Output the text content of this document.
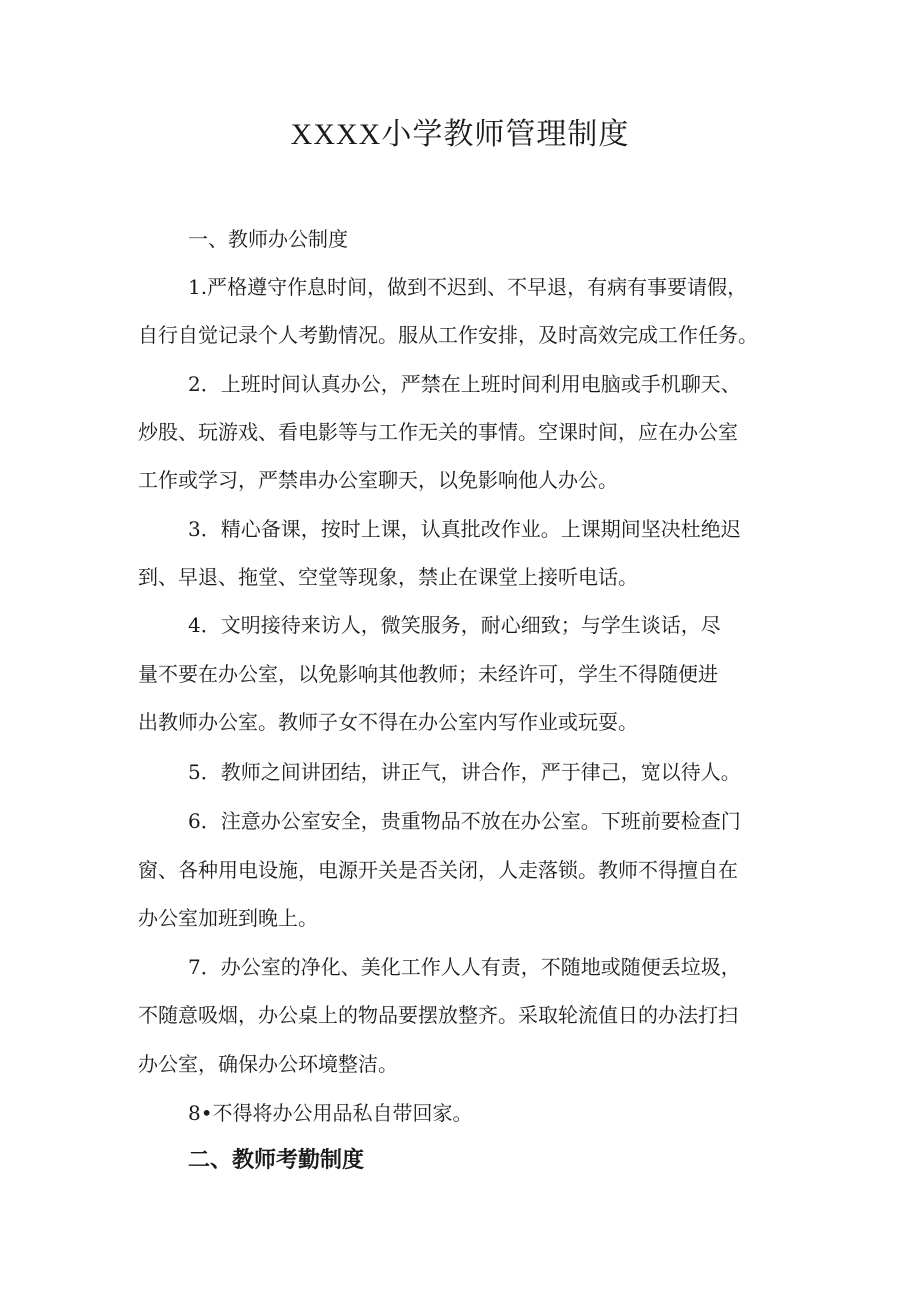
XXXX小学教师管理制度
一、教师办公制度

1.严格遵守作息时间，做到不迟到、不早退，有病有事要请假，

自行自觉记录个人考勤情况。服从工作安排，及时高效完成工作任务。

2．上班时间认真办公，严禁在上班时间利用电脑或手机聊天、

炒股、玩游戏、看电影等与工作无关的事情。空课时间，应在办公室

工作或学习，严禁串办公室聊天，以免影响他人办公。

3．精心备课，按时上课，认真批改作业。上课期间坚决杜绝迟

到、早退、拖堂、空堂等现象，禁止在课堂上接听电话。

4．文明接待来访人，微笑服务，耐心细致；与学生谈话，尽

量不要在办公室，以免影响其他教师；未经许可，学生不得随便进

出教师办公室。教师子女不得在办公室内写作业或玩耍。

5．教师之间讲团结，讲正气，讲合作，严于律己，宽以待人。

6．注意办公室安全，贵重物品不放在办公室。下班前要检查门

窗、各种用电设施，电源开关是否关闭，人走落锁。教师不得擅自在

办公室加班到晚上。

7．办公室的净化、美化工作人人有责，不随地或随便丢垃圾，

不随意吸烟，办公桌上的物品要摆放整齐。采取轮流值日的办法打扫

办公室，确保办公环境整洁。

8•不得将办公用品私自带回家。

二、教师考勤制度
